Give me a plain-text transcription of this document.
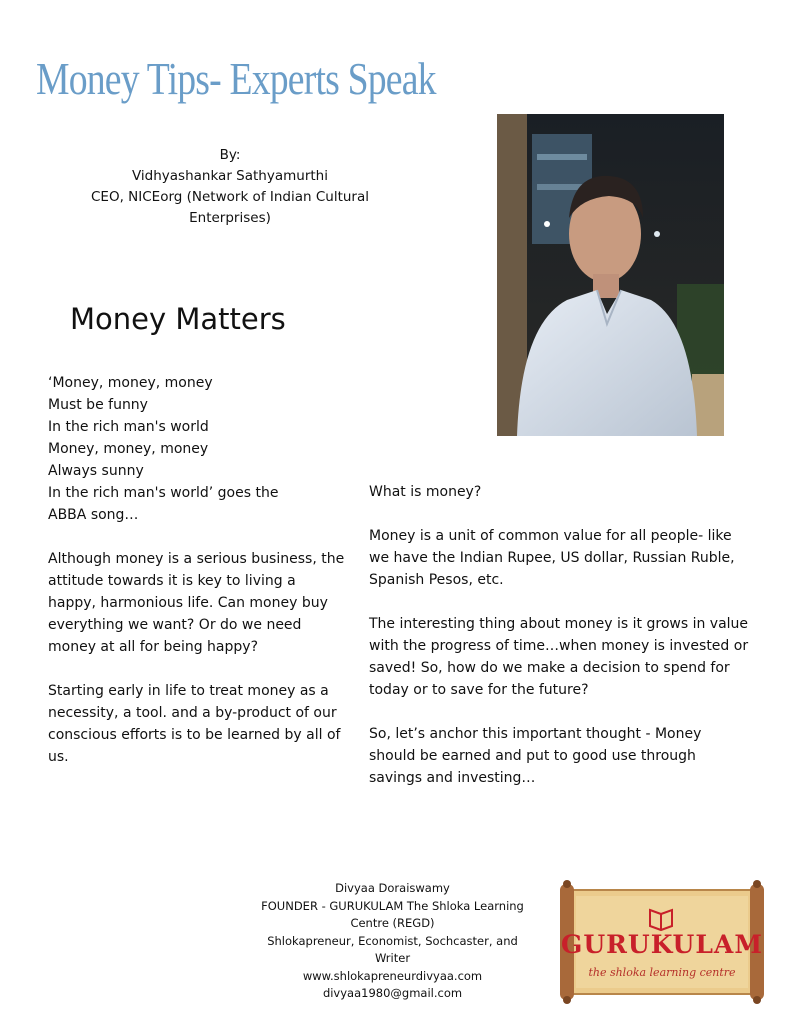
Money Tips- Experts Speak
By:
Vidhyashankar Sathyamurthi
CEO, NICEorg (Network of Indian Cultural
Enterprises)
Money Matters

‘Money, money, money
Must be funny
In the rich man's world
Money, money, money
Always sunny
In the rich man's world’ goes the
ABBA song…

Although money is a serious business, the attitude towards it is key to living a happy, harmonious life. Can money buy everything we want? Or do we need money at all for being happy?

Starting early in life to treat money as a necessity, a tool. and a by-product of our conscious efforts is to be learned by all of us.

What is money?

Money is a unit of common value for all people- like we have the Indian Rupee, US dollar, Russian Ruble, Spanish Pesos, etc.

The interesting thing about money is it grows in value with the progress of time…when money is invested or saved! So, how do we make a decision to spend for today or to save for the future?

So, let’s anchor this important thought - Money should be earned and put to good use through savings and investing…

Divyaa Doraiswamy
FOUNDER - GURUKULAM The Shloka Learning
Centre (REGD)
Shlokapreneur, Economist, Sochcaster, and
Writer
www.shlokapreneurdivyaa.com
divyaa1980@gmail.com
GURUKULAM
the shloka learning centre
